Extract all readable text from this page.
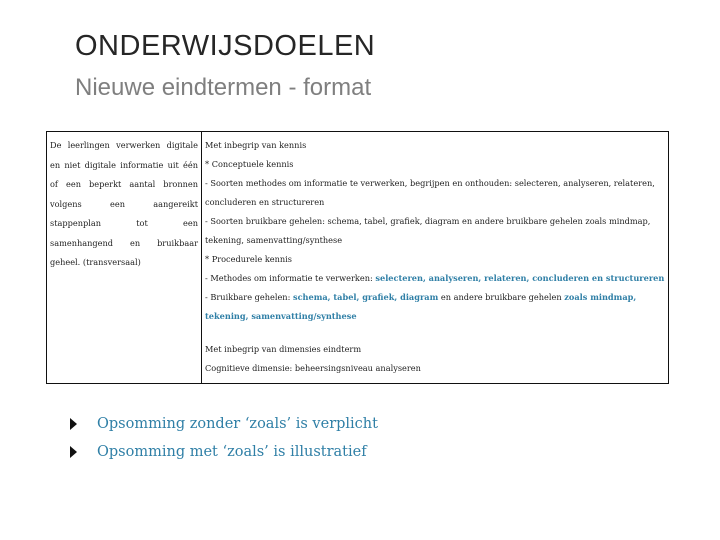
ONDERWIJSDOELEN
Nieuwe eindtermen - format
De leerlingen verwerken digitale en niet digitale informatie uit één of een beperkt aantal bronnen volgens een aangereikt stappenplan tot een samenhangend en bruikbaar geheel. (transversaal)

Met inbegrip van kennis
* Conceptuele kennis
- Soorten methodes om informatie te verwerken, begrijpen en onthouden: selecteren, analyseren, relateren, concluderen en structureren
- Soorten bruikbare gehelen: schema, tabel, grafiek, diagram en andere bruikbare gehelen zoals mindmap, tekening, samenvatting/synthese
* Procedurele kennis
- Methodes om informatie te verwerken: selecteren, analyseren, relateren, concluderen en structureren
- Bruikbare gehelen: schema, tabel, grafiek, diagram en andere bruikbare gehelen zoals mindmap, tekening, samenvatting/synthese
Met inbegrip van dimensies eindterm
Cognitieve dimensie: beheersingsniveau analyseren
Opsomming zonder ‘zoals’ is verplicht
Opsomming met ‘zoals’ is illustratief
